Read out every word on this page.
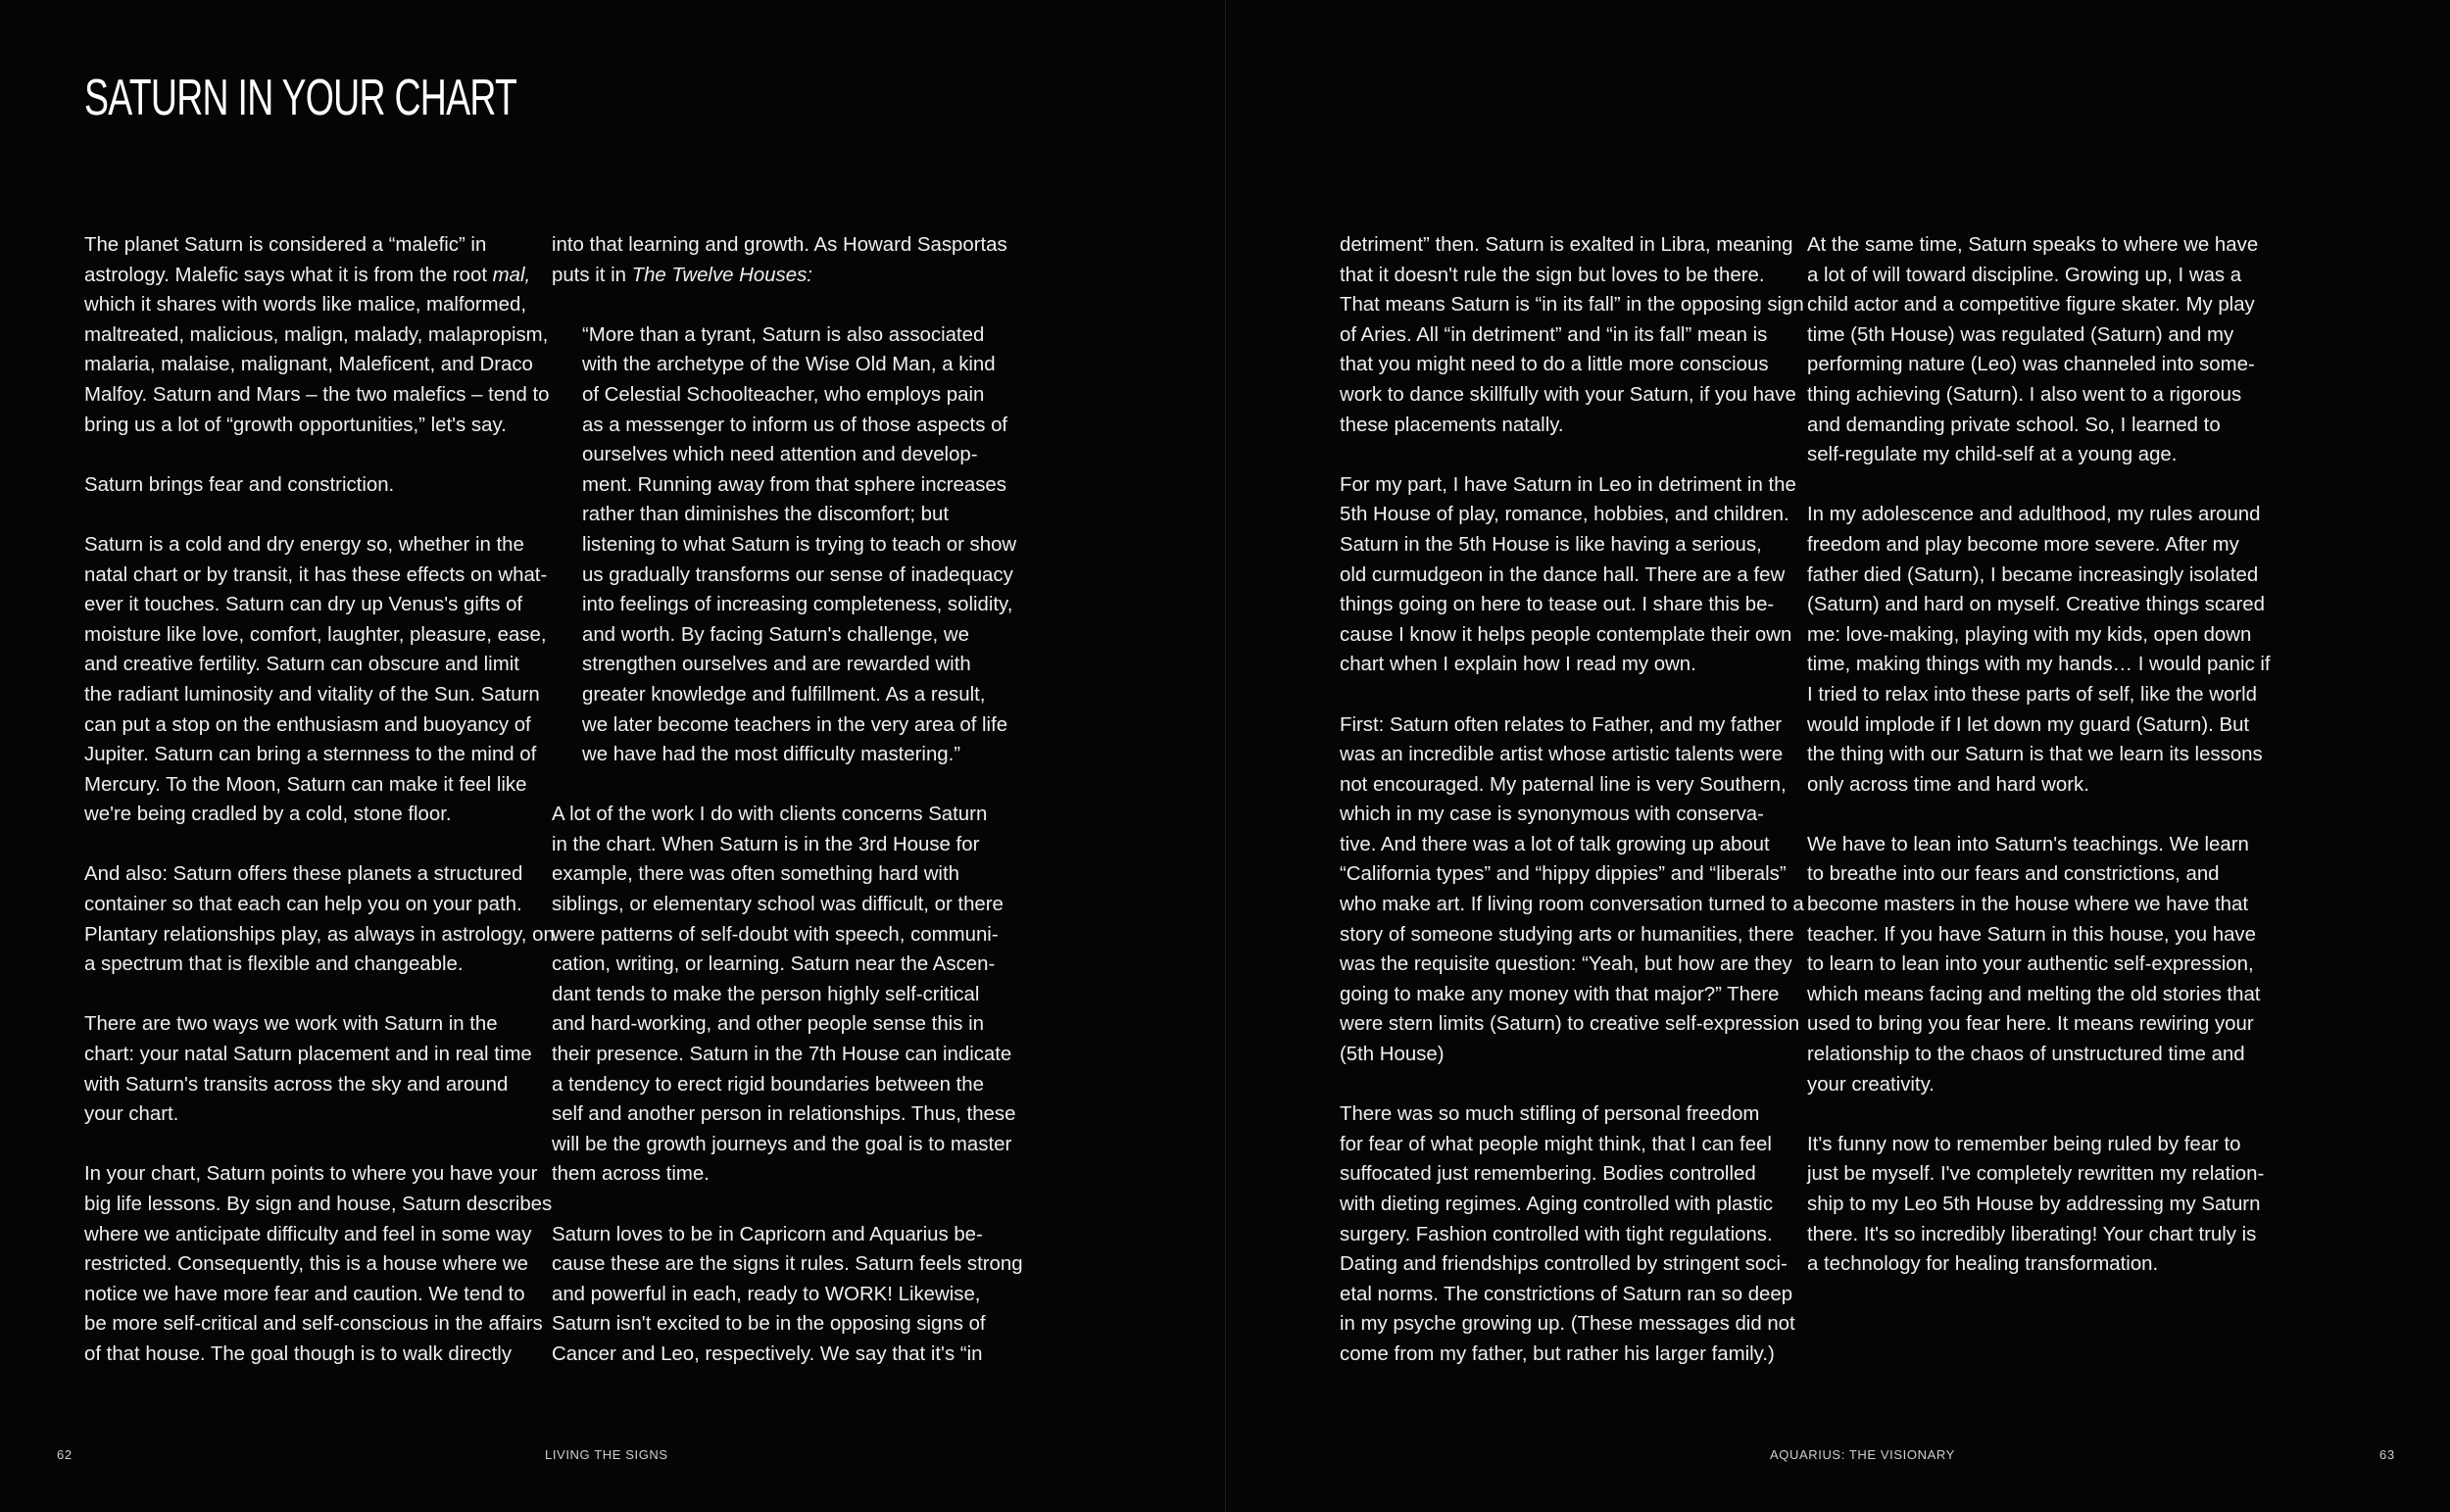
SATURN IN YOUR CHART

The planet Saturn is considered a “malefic” in
astrology. Malefic says what it is from the root mal,
which it shares with words like malice, malformed,
maltreated, malicious, malign, malady, malapropism,
malaria, malaise, malignant, Maleficent, and Draco
Malfoy. Saturn and Mars – the two malefics – tend to
bring us a lot of “growth opportunities,” let's say.

Saturn brings fear and constriction.

Saturn is a cold and dry energy so, whether in the
natal chart or by transit, it has these effects on what-
ever it touches. Saturn can dry up Venus's gifts of
moisture like love, comfort, laughter, pleasure, ease,
and creative fertility. Saturn can obscure and limit
the radiant luminosity and vitality of the Sun. Saturn
can put a stop on the enthusiasm and buoyancy of
Jupiter. Saturn can bring a sternness to the mind of
Mercury. To the Moon, Saturn can make it feel like
we're being cradled by a cold, stone floor.

And also: Saturn offers these planets a structured
container so that each can help you on your path.
Plantary relationships play, as always in astrology, on
a spectrum that is flexible and changeable.

There are two ways we work with Saturn in the
chart: your natal Saturn placement and in real time
with Saturn's transits across the sky and around
your chart.

In your chart, Saturn points to where you have your
big life lessons. By sign and house, Saturn describes
where we anticipate difficulty and feel in some way
restricted. Consequently, this is a house where we
notice we have more fear and caution. We tend to
be more self-critical and self-conscious in the affairs
of that house. The goal though is to walk directly

into that learning and growth. As Howard Sasportas
puts it in The Twelve Houses:

“More than a tyrant, Saturn is also associated
with the archetype of the Wise Old Man, a kind
of Celestial Schoolteacher, who employs pain
as a messenger to inform us of those aspects of
ourselves which need attention and develop-
ment. Running away from that sphere increases
rather than diminishes the discomfort; but
listening to what Saturn is trying to teach or show
us gradually transforms our sense of inadequacy
into feelings of increasing completeness, solidity,
and worth. By facing Saturn's challenge, we
strengthen ourselves and are rewarded with
greater knowledge and fulfillment. As a result,
we later become teachers in the very area of life
we have had the most difficulty mastering.”

A lot of the work I do with clients concerns Saturn
in the chart. When Saturn is in the 3rd House for
example, there was often something hard with
siblings, or elementary school was difficult, or there
were patterns of self-doubt with speech, communi-
cation, writing, or learning. Saturn near the Ascen-
dant tends to make the person highly self-critical
and hard-working, and other people sense this in
their presence. Saturn in the 7th House can indicate
a tendency to erect rigid boundaries between the
self and another person in relationships. Thus, these
will be the growth journeys and the goal is to master
them across time.

Saturn loves to be in Capricorn and Aquarius be-
cause these are the signs it rules. Saturn feels strong
and powerful in each, ready to WORK! Likewise,
Saturn isn't excited to be in the opposing signs of
Cancer and Leo, respectively. We say that it's “in

62	LIVING THE SIGNS

detriment” then. Saturn is exalted in Libra, meaning
that it doesn't rule the sign but loves to be there.
That means Saturn is “in its fall” in the opposing sign
of Aries. All “in detriment” and “in its fall” mean is
that you might need to do a little more conscious
work to dance skillfully with your Saturn, if you have
these placements natally.

For my part, I have Saturn in Leo in detriment in the
5th House of play, romance, hobbies, and children.
Saturn in the 5th House is like having a serious,
old curmudgeon in the dance hall. There are a few
things going on here to tease out. I share this be-
cause I know it helps people contemplate their own
chart when I explain how I read my own.

First: Saturn often relates to Father, and my father
was an incredible artist whose artistic talents were
not encouraged. My paternal line is very Southern,
which in my case is synonymous with conserva-
tive. And there was a lot of talk growing up about
“California types” and “hippy dippies” and “liberals”
who make art. If living room conversation turned to a
story of someone studying arts or humanities, there
was the requisite question: “Yeah, but how are they
going to make any money with that major?” There
were stern limits (Saturn) to creative self-expression
(5th House)

There was so much stifling of personal freedom
for fear of what people might think, that I can feel
suffocated just remembering. Bodies controlled
with dieting regimes. Aging controlled with plastic
surgery. Fashion controlled with tight regulations.
Dating and friendships controlled by stringent soci-
etal norms. The constrictions of Saturn ran so deep
in my psyche growing up. (These messages did not
come from my father, but rather his larger family.)

At the same time, Saturn speaks to where we have
a lot of will toward discipline. Growing up, I was a
child actor and a competitive figure skater. My play
time (5th House) was regulated (Saturn) and my
performing nature (Leo) was channeled into some-
thing achieving (Saturn). I also went to a rigorous
and demanding private school. So, I learned to
self-regulate my child-self at a young age.

In my adolescence and adulthood, my rules around
freedom and play become more severe. After my
father died (Saturn), I became increasingly isolated
(Saturn) and hard on myself. Creative things scared
me: love-making, playing with my kids, open down
time, making things with my hands… I would panic if
I tried to relax into these parts of self, like the world
would implode if I let down my guard (Saturn). But
the thing with our Saturn is that we learn its lessons
only across time and hard work.

We have to lean into Saturn's teachings. We learn
to breathe into our fears and constrictions, and
become masters in the house where we have that
teacher. If you have Saturn in this house, you have
to learn to lean into your authentic self-expression,
which means facing and melting the old stories that
used to bring you fear here. It means rewiring your
relationship to the chaos of unstructured time and
your creativity.

It's funny now to remember being ruled by fear to
just be myself. I've completely rewritten my relation-
ship to my Leo 5th House by addressing my Saturn
there. It's so incredibly liberating! Your chart truly is
a technology for healing transformation.

AQUARIUS: THE VISIONARY	63
